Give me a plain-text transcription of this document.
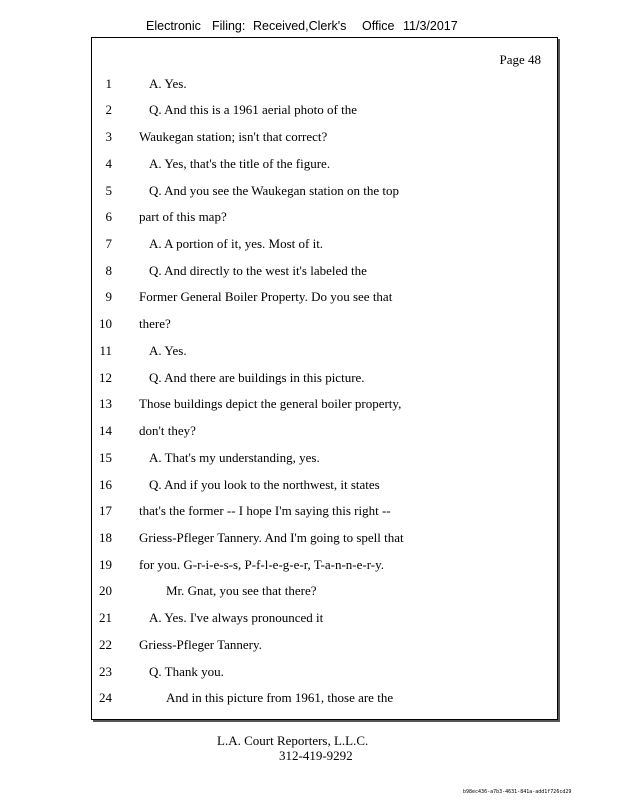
Electronic Filing: Received,Clerk's Office 11/3/2017
Page 48
1	A. Yes.
2	Q. And this is a 1961 aerial photo of the
3 Waukegan station; isn't that correct?
4	A. Yes, that's the title of the figure.
5	Q. And you see the Waukegan station on the top
6 part of this map?
7	A. A portion of it, yes. Most of it.
8	Q. And directly to the west it's labeled the
9 Former General Boiler Property. Do you see that
10 there?
11	A. Yes.
12	Q. And there are buildings in this picture.
13 Those buildings depict the general boiler property,
14 don't they?
15	A. That's my understanding, yes.
16	Q. And if you look to the northwest, it states
17 that's the former -- I hope I'm saying this right --
18 Griess-Pfleger Tannery. And I'm going to spell that
19 for you. G-r-i-e-s-s, P-f-l-e-g-e-r, T-a-n-n-e-r-y.
20	Mr. Gnat, you see that there?
21	A. Yes. I've always pronounced it
22 Griess-Pfleger Tannery.
23	Q. Thank you.
24	And in this picture from 1961, those are the
L.A. Court Reporters, L.L.C.
312-419-9292
b98ec436-a7b3-4631-841a-add1f726cd29
